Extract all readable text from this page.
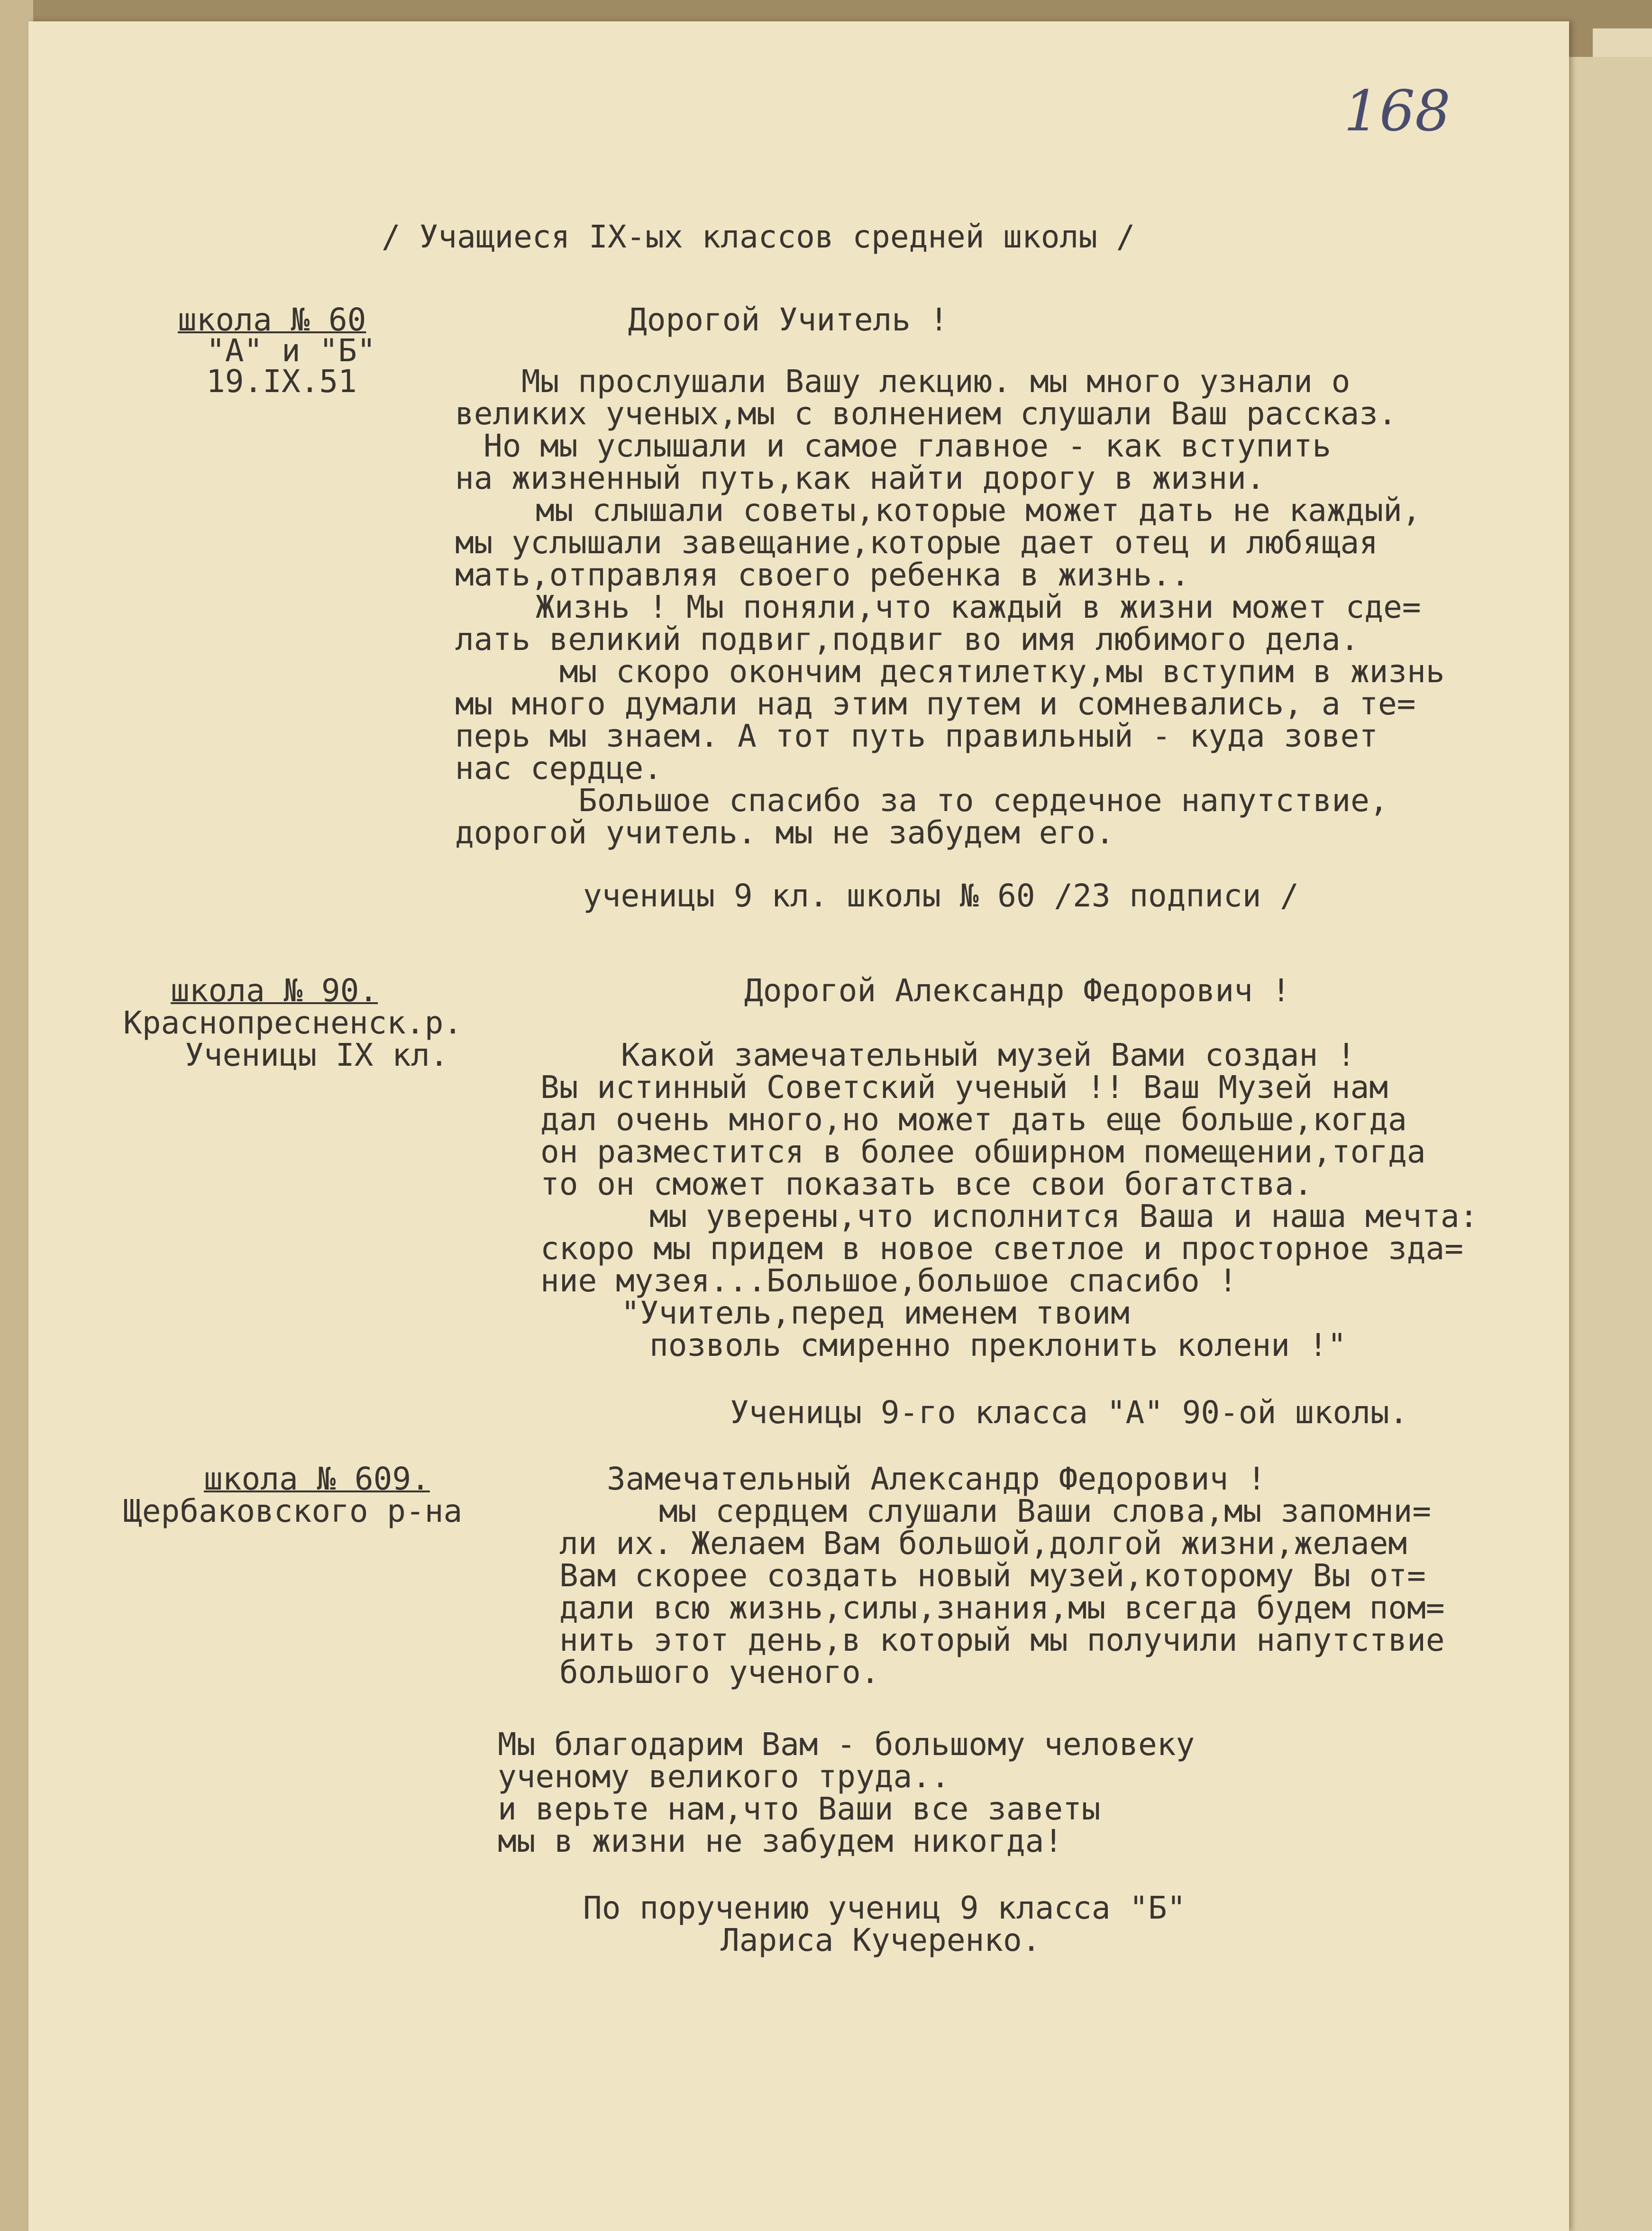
168
/ Учащиеся IX-ых классов средней школы /
школа № 60
"А" и "Б"
19.IX.51
Дорогой Учитель !
Мы прослушали Вашу лекцию. мы много узнали о
великих ученых,мы с волнением слушали Ваш рассказ.
Но мы услышали и самое главное - как вступить
на жизненный путь,как найти дорогу в жизни.
мы слышали советы,которые может дать не каждый,
мы услышали завещание,которые дает отец и любящая
мать,отправляя своего ребенка в жизнь..
Жизнь ! Мы поняли,что каждый в жизни может сде=
лать великий подвиг,подвиг во имя любимого дела.
мы скоро окончим десятилетку,мы вступим в жизнь
мы много думали над этим путем и сомневались, а те=
перь мы знаем. А тот путь правильный - куда зовет
нас сердце.
Большое спасибо за то сердечное напутствие,
дорогой учитель. мы не забудем его.
ученицы 9 кл. школы № 60 /23 подписи /
школа № 90.
Краснопресненск.р.
Ученицы IX кл.
Дорогой Александр Федорович !
Какой замечательный музей Вами создан !
Вы истинный Советский ученый !! Ваш Музей нам
дал очень много,но может дать еще больше,когда
он разместится в более обширном помещении,тогда
то он сможет показать все свои богатства.
мы уверены,что исполнится Ваша и наша мечта:
скоро мы придем в новое светлое и просторное зда=
ние музея...Большое,большое спасибо !
"Учитель,перед именем твоим
позволь смиренно преклонить колени !"
Ученицы 9-го класса "А" 90-ой школы.
школа № 609.
Щербаковского р-на
Замечательный Александр Федорович !
мы сердцем слушали Ваши слова,мы запомни=
ли их. Желаем Вам большой,долгой жизни,желаем
Вам скорее создать новый музей,которому Вы от=
дали всю жизнь,силы,знания,мы всегда будем пом=
нить этот день,в который мы получили напутствие
большого ученого.
Мы благодарим Вам - большому человеку
ученому великого труда..
и верьте нам,что Ваши все заветы
мы в жизни не забудем никогда!
По поручению учениц 9 класса "Б"
Лариса Кучеренко.
